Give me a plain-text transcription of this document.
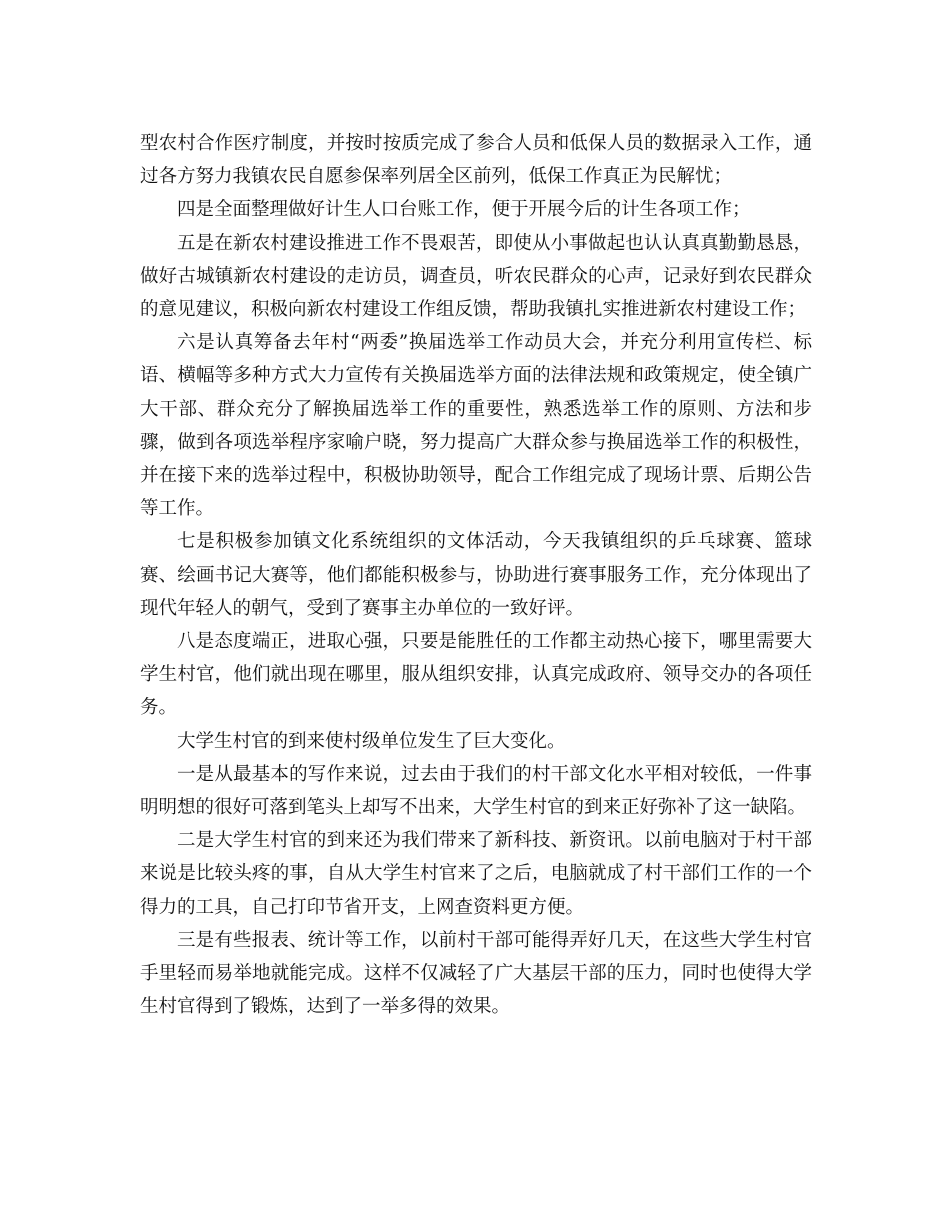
型农村合作医疗制度，并按时按质完成了参合人员和低保人员的数据录入工作，通过各方努力我镇农民自愿参保率列居全区前列，低保工作真正为民解忧；

四是全面整理做好计生人口台账工作，便于开展今后的计生各项工作；

五是在新农村建设推进工作不畏艰苦，即使从小事做起也认认真真勤勤恳恳，做好古城镇新农村建设的走访员，调查员，听农民群众的心声，记录好到农民群众的意见建议，积极向新农村建设工作组反馈，帮助我镇扎实推进新农村建设工作；

六是认真筹备去年村“两委”换届选举工作动员大会，并充分利用宣传栏、标语、横幅等多种方式大力宣传有关换届选举方面的法律法规和政策规定，使全镇广大干部、群众充分了解换届选举工作的重要性，熟悉选举工作的原则、方法和步骤，做到各项选举程序家喻户晓，努力提高广大群众参与换届选举工作的积极性，并在接下来的选举过程中，积极协助领导，配合工作组完成了现场计票、后期公告等工作。

七是积极参加镇文化系统组织的文体活动，今天我镇组织的乒乓球赛、篮球赛、绘画书记大赛等，他们都能积极参与，协助进行赛事服务工作，充分体现出了现代年轻人的朝气，受到了赛事主办单位的一致好评。

八是态度端正，进取心强，只要是能胜任的工作都主动热心接下，哪里需要大学生村官，他们就出现在哪里，服从组织安排，认真完成政府、领导交办的各项任务。

大学生村官的到来使村级单位发生了巨大变化。

一是从最基本的写作来说，过去由于我们的村干部文化水平相对较低，一件事明明想的很好可落到笔头上却写不出来，大学生村官的到来正好弥补了这一缺陷。

二是大学生村官的到来还为我们带来了新科技、新资讯。以前电脑对于村干部来说是比较头疼的事，自从大学生村官来了之后，电脑就成了村干部们工作的一个得力的工具，自己打印节省开支，上网查资料更方便。

三是有些报表、统计等工作，以前村干部可能得弄好几天，在这些大学生村官手里轻而易举地就能完成。这样不仅减轻了广大基层干部的压力，同时也使得大学生村官得到了锻炼，达到了一举多得的效果。
